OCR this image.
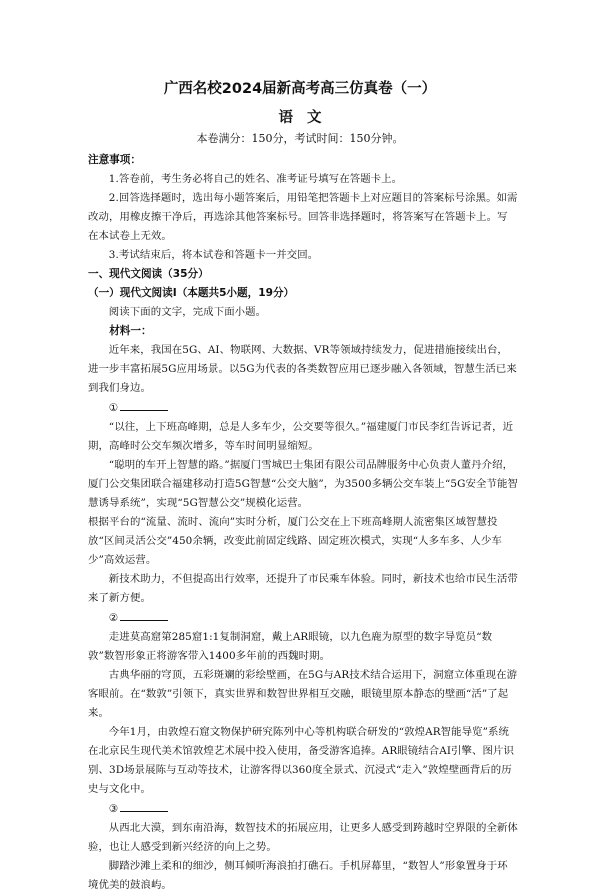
广西名校2024届新高考高三仿真卷（一）
语文
本卷满分：150分，考试时间：150分钟。

注意事项：

1.答卷前，考生务必将自己的姓名、准考证号填写在答题卡上。

2.回答选择题时，选出每小题答案后，用铅笔把答题卡上对应题目的答案标号涂黑。如需改动，用橡皮擦干净后，再选涂其他答案标号。回答非选择题时，将答案写在答题卡上。写在本试卷上无效。

3.考试结束后，将本试卷和答题卡一并交回。

一、现代文阅读（35分）

（一）现代文阅读Ⅰ（本题共5小题，19分）

阅读下面的文字，完成下面小题。

材料一：

近年来，我国在5G、AI、物联网、大数据、VR等领域持续发力，促进措施接续出台，进一步丰富拓展5G应用场景。以5G为代表的各类数智应用已逐步融入各领域，智慧生活已来到我们身边。

①

“以往，上下班高峰期，总是人多车少，公交要等很久。”福建厦门市民李红告诉记者，近期，高峰时公交车频次增多，等车时间明显缩短。

“聪明的车开上智慧的路。”据厦门雪城巴士集团有限公司品牌服务中心负责人董丹介绍，厦门公交集团联合福建移动打造5G智慧“公交大脑”，为3500多辆公交车装上“5G安全节能智慧诱导系统”，实现“5G智慧公交”规模化运营。

根据平台的“流量、流时、流向”实时分析，厦门公交在上下班高峰期人流密集区域智慧投放“区间灵活公交”450余辆，改变此前固定线路、固定班次模式，实现“人多车多、人少车少”高效运营。

新技术助力，不但提高出行效率，还提升了市民乘车体验。同时，新技术也给市民生活带来了新方便。

②

走进莫高窟第285窟1:1复制洞窟，戴上AR眼镜，以九色鹿为原型的数字导览员“数敦”数智形象正将游客带入1400多年前的西魏时期。

古典华丽的穹顶，五彩斑斓的彩绘壁画，在5G与AR技术结合运用下，洞窟立体重现在游客眼前。在“数敦”引领下，真实世界和数智世界相互交融，眼镜里原本静态的壁画“活”了起来。

今年1月，由敦煌石窟文物保护研究陈列中心等机构联合研发的“敦煌AR智能导览”系统在北京民生现代美术馆敦煌艺术展中投入使用，备受游客追捧。AR眼镜结合AI引擎、图片识别、3D场景展陈与互动等技术，让游客得以360度全景式、沉浸式“走入”敦煌壁画背后的历史与文化中。

③

从西北大漠，到东南沿海，数智技术的拓展应用，让更多人感受到跨越时空界限的全新体验，也让人感受到新兴经济的向上之势。

脚踏沙滩上柔和的细沙，侧耳倾听海浪拍打礁石。手机屏幕里，“数智人”形象置身于环境优美的鼓浪屿。
